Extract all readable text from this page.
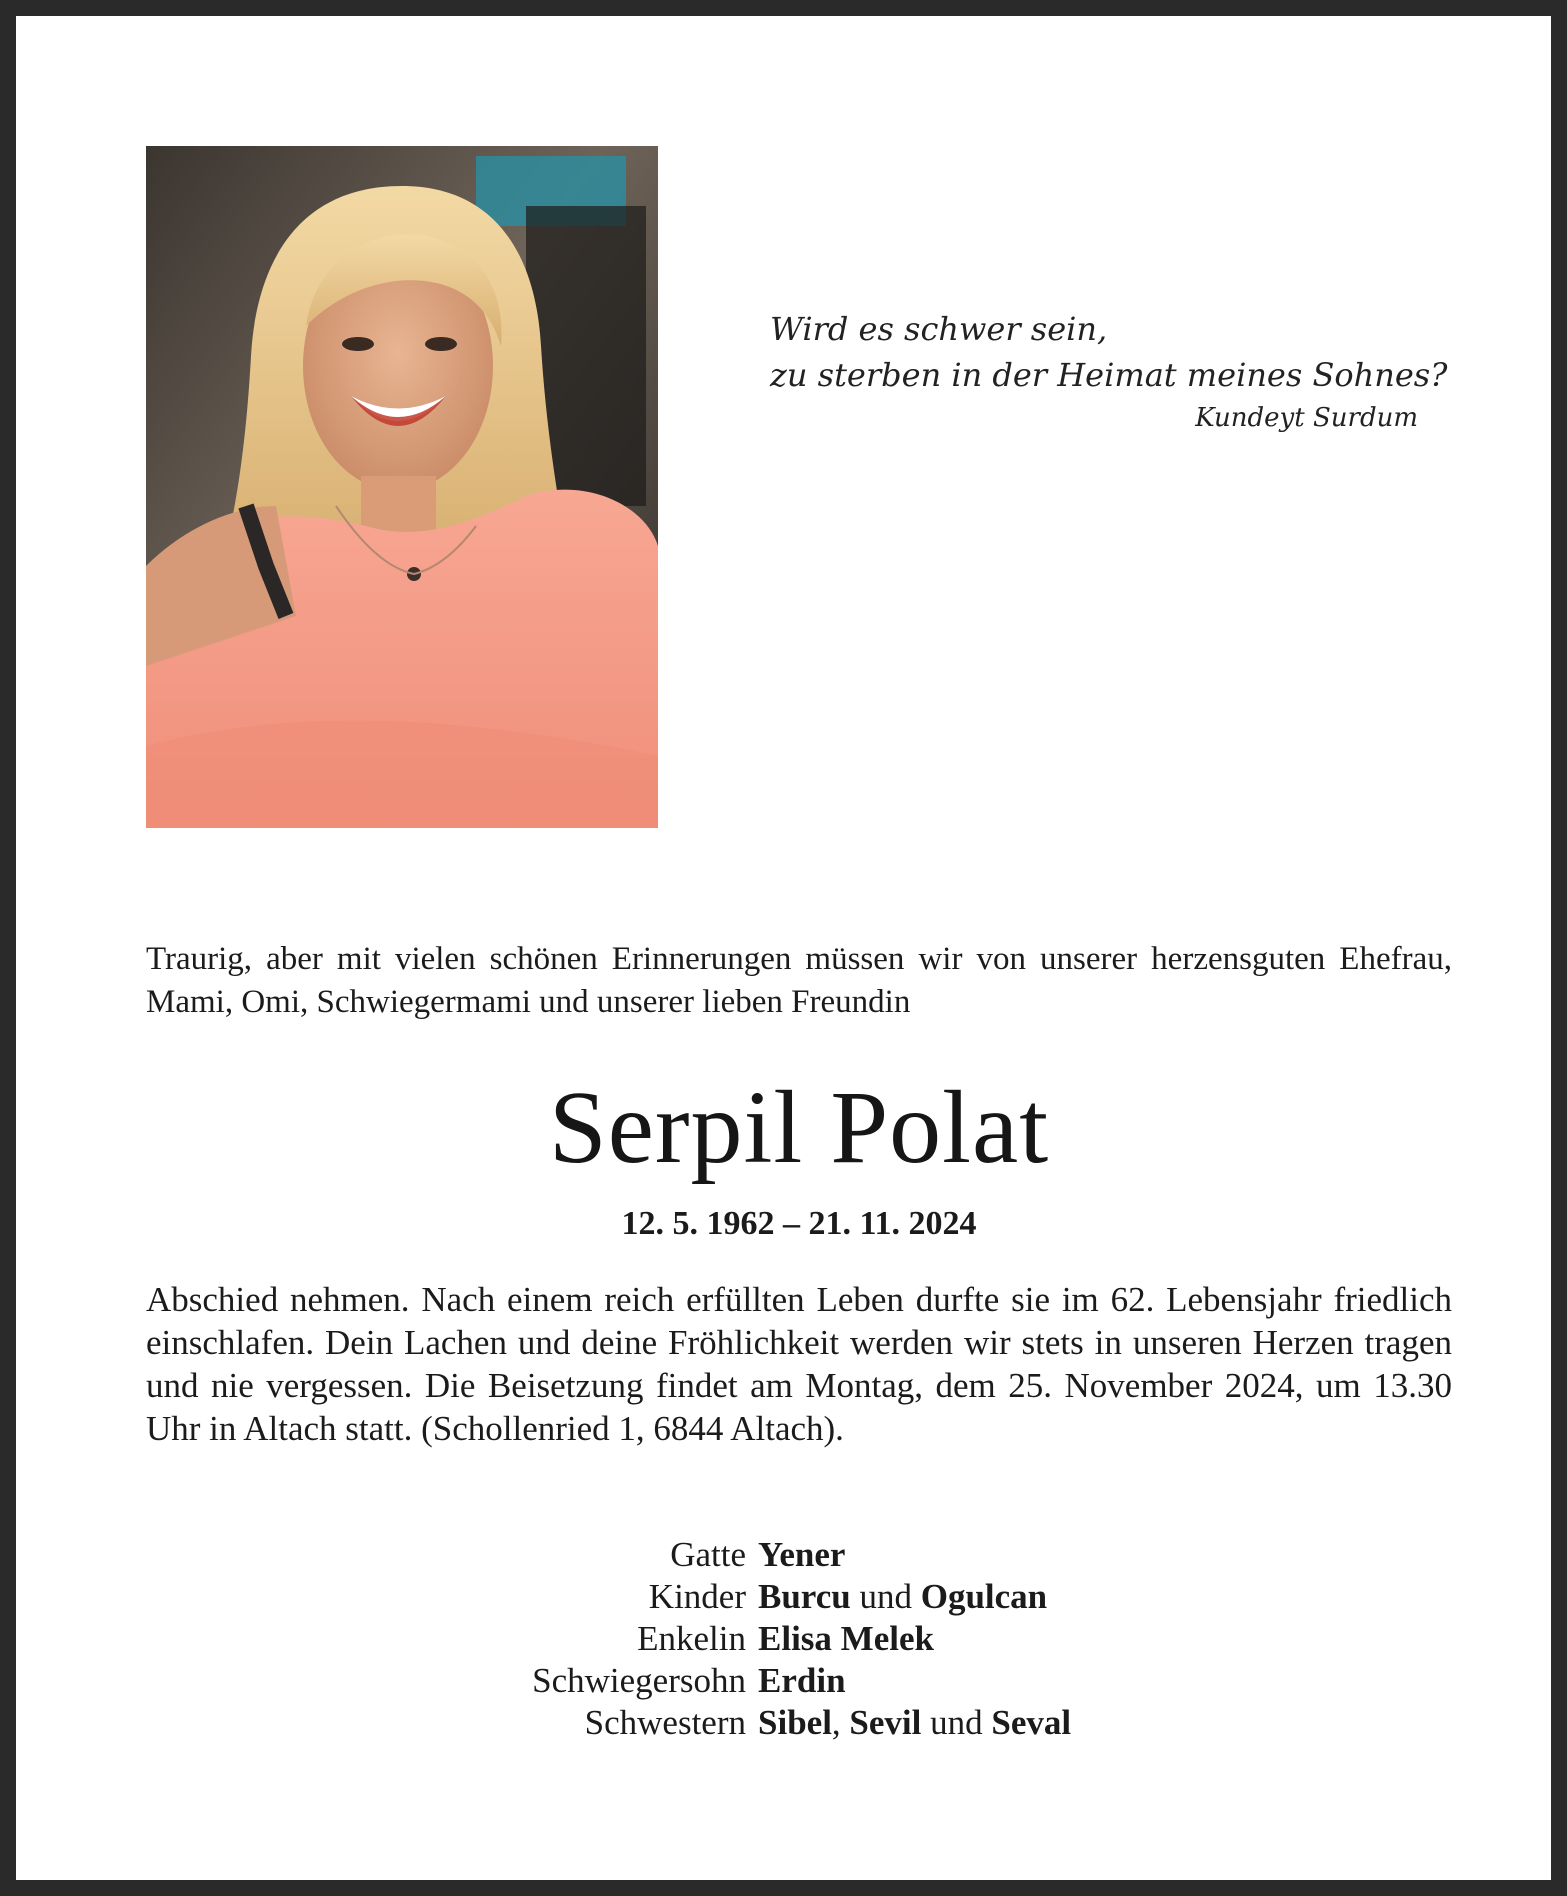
Wird es schwer sein,
zu sterben in der Heimat meines Sohnes?
Kundeyt Surdum
Traurig, aber mit vielen schönen Erinnerungen müssen wir von unserer herzensguten Ehefrau, Mami, Omi, Schwiegermami und unserer lieben Freundin
Serpil Polat
12. 5. 1962 – 21. 11. 2024
Abschied nehmen. Nach einem reich erfüllten Leben durfte sie im 62. Lebensjahr friedlich einschlafen. Dein Lachen und deine Fröhlichkeit werden wir stets in unseren Herzen tragen und nie vergessen. Die Beisetzung findet am Montag, dem 25. November 2024, um 13.30 Uhr in Altach statt. (Schollenried 1, 6844 Altach).
Gatte Yener
Kinder Burcu und Ogulcan
Enkelin Elisa Melek
Schwiegersohn Erdin
Schwestern Sibel, Sevil und Seval
